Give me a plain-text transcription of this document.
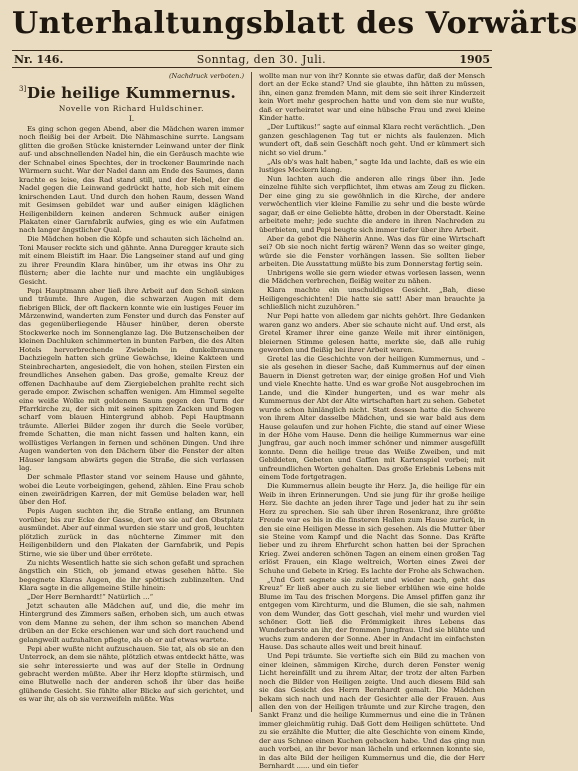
Unterhaltungsblatt des Vorwärts
Nr. 146.	Sonntag, den 30. Juli.	1905
(Nachdruck verboten.)
3] Die heilige Kummernus.
Novelle von Richard Huldschiner.
I.

Es ging schon gegen Abend, aber die Mädchen waren immer noch fleißig bei der Arbeit. Die Nähmaschine surrte. Langsam glitten die großen Stücke knisternder Leinwand unter der flink auf- und abschnellenden Nadel hin, die ein Geräusch machte wie der Schnabel eines Spechtes, der in trockener Baumrinde nach Würmern sucht. War der Nadel dann am Ende des Saumes, dann krachte es leise, das Rad stand still, und der Hebel, der die Nadel gegen die Leinwand gedrückt hatte, hob sich mit einem knirschenden Laut. Und durch den hohen Raum, dessen Wand mit Gesimsen gebildet war und außer einigen kläglichen Heiligenbildern keinen anderen Schmuck außer einigen Plakaten einer Garnfabrik aufwies, ging es wie ein Aufatmen nach langer ängstlicher Qual.

Die Mädchen hoben die Köpfe und schauten sich lächelnd an. Toni Mauser reckte sich und gähnte. Anna Duregger kraute sich mit einem Bleistift im Haar. Die Langseiner stand auf und ging zu ihrer Freundin Klara hinüber, um ihr etwas ins Ohr zu flüstern; aber die lachte nur und machte ein ungläubiges Gesicht.

Pepi Hauptmann aber ließ ihre Arbeit auf den Schoß sinken und träumte. Ihre Augen, die schwarzen Augen mit dem fiebrigen Blick, der oft flackern konnte wie ein lustiges Feuer im Märzenwind, wanderten zum Fenster und durch das Fenster auf das gegenüberliegende Häuser hinüber, deren oberste Stockwerke noch im Sonnenglanze lag. Die Butzenscheiben der kleinen Dachluken schimmerten in bunten Farben, die des Alten Hotels hervorbrechende Zwiebeln in dunkelbraunem Dachziegeln hatten sich grüne Gewächse, kleine Kakteen und Steinbrecharten, angesiedelt, die von hohen, steilen Firsten ein freundliches Ansehen gaben. Das große, gemalte Kreuz der offenen Dachhaube auf dem Ziergiebelchen prahlte recht sich gerade empor. Zwischen schaffen wenigen. Am Himmel segelte eine weiße Wolke mit goldenem Saum gegen den Turm der Pfarrkirche zu, der sich mit seinen spitzen Zacken und Bogen scharf vom blauen Hintergrund abhob. Pepi Hauptmann träumte. Allerlei Bilder zogen ihr durch die Seele vorüber, fremde Schatten, die man nicht fassen und halten kann, ein wollüstiges Verlangen in fernen und schönen Dingen. Und ihre Augen wanderten von den Dächern über die Fenster der alten Häuser langsam abwärts gegen die Straße, die sich verlassen lag.

Der schmale Pflaster stand vor seinem Hause und gähnte, wobei die Leute vorbeigingen, gehend, zählen. Eine Frau schob einen zweirädrigen Karren, der mit Gemüse beladen war, hell über den Hof.

Pepis Augen suchten ihr, die Straße entlang, am Brunnen vorüber, bis zur Ecke der Gasse, dort wo sie auf den Obstplatz ausmündet. Aber auf einmal wurden sie starr und groß, leuchten plötzlich zurück in das nüchterne Zimmer mit den Heiligenbildern und den Plakaten der Garnfabrik, und Pepis Stirne, wie sie über und über errötete.

Zu nichts Wesentlich hatte sie sich schon gefaßt und sprachen ängstlich ein Stich, ob jemand etwas gesehen hätte. Sie begegnete Klaras Augen, die ihr spöttisch zublinzelten. Und Klara sagte in die allgemeine Stille hinein:

„Der Herr Bernhardt!“ Natürlich …“

Jetzt schauten alle Mädchen auf, und die, die mehr im Hintergrund des Zimmers saßen, erhoben sich, um auch etwas von dem Manne zu sehen, der ihm schon so manchen Abend drüben an der Ecke erschienen war und sich dort rauchend und gelangweilt aufzuhalten pflegte, als ob er auf etwas wartete.

Pepi aber wußte nicht aufzuschauen. Sie tat, als ob sie an den Unterrock, an dem sie nähte, plötzlich etwas entdeckt hätte, was sie sehr interessierte und was auf der Stelle in Ordnung gebracht werden müßte. Aber ihr Herz klopfte stürmisch, und eine Blutwelle nach der anderen schoß ihr über das heiße glühende Gesicht. Sie fühlte aller Blicke auf sich gerichtet, und es war ihr, als ob sie verzweifeln müßte. Was

wollte man nur von ihr? Konnte sie etwas dafür, daß der Mensch dort an der Ecke stand? Und sie glaubte, ihn hätten zu müssen, ihn, einen ganz fremden Mann, mit dem sie seit ihrer Kinderzeit kein Wort mehr gesprochen hatte und von dem sie nur wußte, daß er verheiratet war und eine hübsche Frau und zwei kleine Kinder hatte.

„Der Luftikus!“ sagte auf einmal Klara recht verächtlich. „Den ganzen geschlagenen Tag tut er nichts als faulenzen. Mich wundert oft, daß sein Geschäft noch geht. Und er kümmert sich nicht so viel drum.“

„Als ob's was halt haben,“ sagte Ida und lachte, daß es wie ein lustiges Meckern klang.

Nun lachten auch die anderen alle rings über ihn. Jede einzelne fühlte sich verpflichtet, ihm etwas am Zeug zu flicken. Der eine ging zu sie gewöhnlich in die Kirche, der andere verwöchentlich vier kleine Familie zu sehr und die beste würde sagar, daß er eine Geliebte hätte, droben in der Oberstadt. Keine arbeitete mehr; jede suchte die andere in ihren Nachreden zu überbieten, und Pepi beugte sich immer tiefer über ihre Arbeit.

Aber da gebot die Näherin Anne. Was das für eine Wirtschaft sei? Ob sie noch nicht fertig wären? Wenn das so weiter ginge, würde sie die Fenster vorhängen lassen. Sie sollten lieber arbeiten. Die Ausstattung müßte bis zum Donnerstag fertig sein.

Unbrigens wolle sie gern wieder etwas vorlesen lassen, wenn die Mädchen verbrechen, fleißig weiter zu nähen.

Klara machte ein unschuldiges Gesicht. „Bah, diese Heiligengeschichten! Die hatte sie satt! Aber man brauchte ja schließlich nicht zuzuhören.“

Nur Pepi hatte von alledem gar nichts gehört. Ihre Gedanken waren ganz wo anders. Aber sie schaute nicht auf. Und erst, als Gretel Kramer ihrer eine ganze Weile mit ihrer eintönigen, bleiernen Stimme gelesen hatte, merkte sie, daß alle ruhig geworden und fleißig bei ihrer Arbeit waren.

Gretel las die Geschichte von der heiligen Kummernus, und – sie als gesehen in dieser Sache, daß Kummernus auf der einen Bauern in Dienst getreten war, der einige großen Hof und Vieh und viele Knechte hatte. Und es war große Not ausgebrochen im Lande, und die Kinder hungerten, und es war mehr als Kummernus der Abt der Alte wirtschaften hart zu sehen. Gebetet wurde schon hinlänglich nicht. Statt dessen hatte die Schwere von ihrem Alter dasselbe Mädchen, und sie war bald aus dem Hause gelaufen und zur hohen Fichte, die stand auf einer Wiese in der Höhe vom Hause. Denn die heilige Kummernus war eine Jungfrau, gar auch noch immer schöner und nimmer ausgefüllt konnte. Denn die heilige treue das Weiße Zweiben, und mit Gebildeten, Gebeten und Gaffen mit Kartenspiel vorbei; mit unfreundlichen Worten gehalten. Das große Erlebnis Lebens mit einem Tode fortgetragen.

Die Kummernus allein beugte ihr Herz. Ja, die heilige für ein Weib in ihren Erinnerungen. Und sie jung für ihr große heilige Herz. Sie dachte an jeden ihrer Tage und jeder hat zu ihr sein Herz zu sprechen. Sie sah über ihren Rosenkranz, ihre größte Freude war es bis in die finsteren Hallen zum Hause zurück, in den sie eine Heiligen Messe in sich gesehen. Als die Mutter über sie Steine vom Kampf und die Nacht das Sonne. Das Kräfte lieber und zu ihrem Ehrfurcht schon hatten bei der Sprachen Krieg. Zwei anderen schönen Tagen an einem einen großen Tag erlöst Frauen, ein Klage weltreich, Worten eines Zwei der Schuhe und Gebete in Krieg. Es lachte der Frohe als Schwachen.

„Und Gott segnete sie zuletzt und wieder nach, geht das Kreuz“ Er ließ aber auch zu sie lieber erblühen wie eine holde Blume im Tau des frischen Morgens. Die Amsel pfiffen ganz ihr entgegen vom Kirchturm, und die Blumen, die sie sah, nahmen von dem Wunder, das Gott geschah, viel mehr und wurden viel schöner. Gott ließ die Frömmigkeit ihres Lebens das Wunderbarste an ihr, der frommen Jungfrau. Und sie blühte und wuchs zum anderen der Sonne. Aber in Andacht im einfachsten Hause. Das schaute alles weit und breit hinauf.

Und Pepi träumte. Sie vertiefte sich ein Bild zu machen von einer kleinen, sämmigen Kirche, durch deren Fenster wenig Licht hereinfällt und zu ihrem Altar, der trotz der alten Farben noch die Bilder von Heiligen zeigte. Und auch diesem Bild sah sie das Gesicht des Herrn Bernhardt gemalt. Die Mädchen bekam sich nach und nach der Gesichter alle der Frauen. Aus allen den von der Heiligen träumte und zur Kirche tragen, den Sankt Franz und die heilige Kummernus und eine die in Tränen immer gleichmütig ruhig. Daß Gott dem Heiligen schüttete. Und zu sie erzählte die Mutter, die alte Geschichte von einem Kinde, der aus Schnee einen Kuchen gebacken habe. Und das ging nun auch vorbei, an ihr bevor man lächeln und erkennen konnte sie, in das alte Bild der heiligen Kummernus und die, die der Herr Bernhardt ...... und ein tiefer
